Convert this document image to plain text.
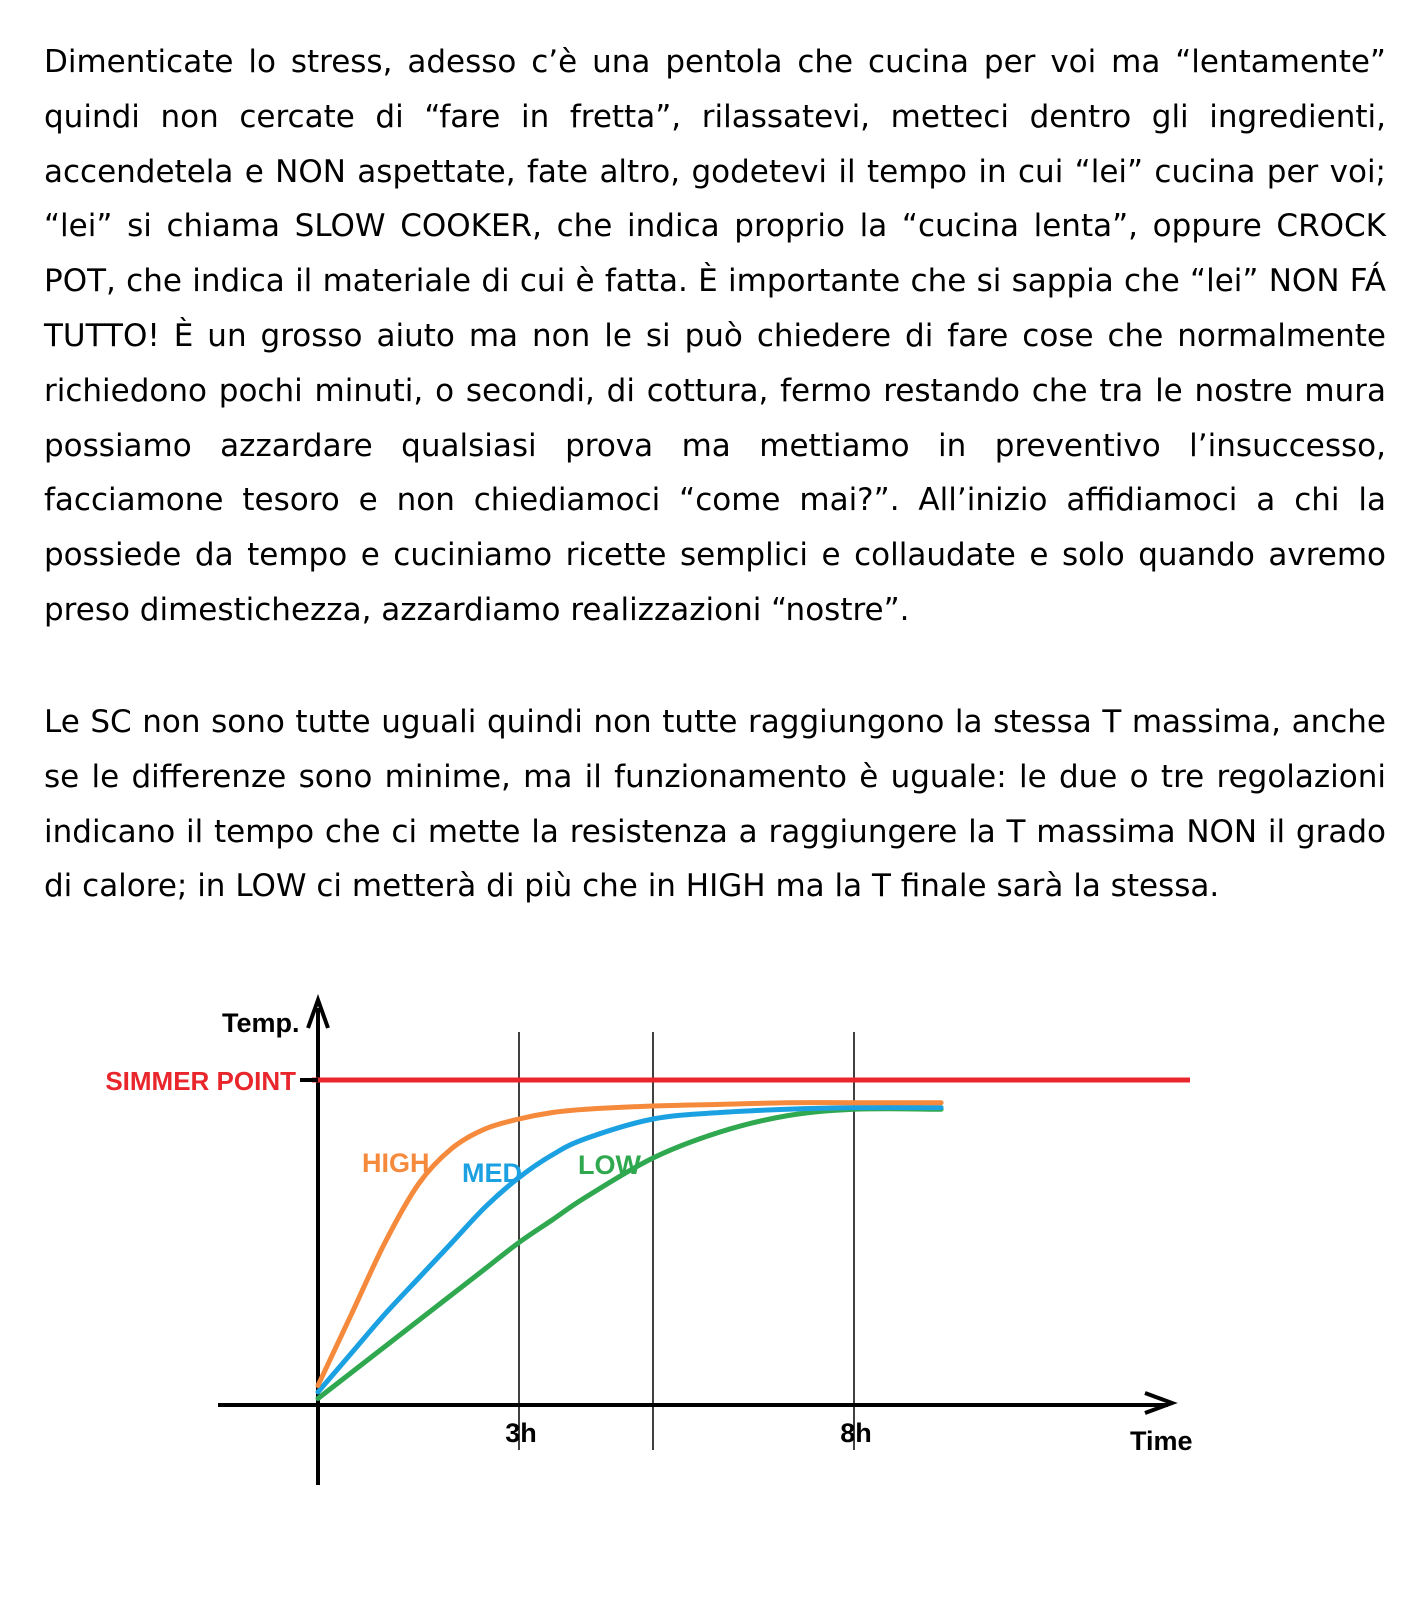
Dimenticate lo stress, adesso c’è una pentola che cucina per voi ma “lentamente” quindi non cercate di “fare in fretta”, rilassatevi, metteci dentro gli ingredienti, accendetela e NON aspettate, fate altro, godetevi il tempo in cui “lei” cucina per voi; “lei” si chiama SLOW COOKER, che indica proprio la “cucina lenta”, oppure CROCK POT, che indica il materiale di cui è fatta. È importante che si sappia che “lei” NON FÁ TUTTO! È un grosso aiuto ma non le si può chiedere di fare cose che normalmente richiedono pochi minuti, o secondi, di cottura, fermo restando che tra le nostre mura possiamo azzardare qualsiasi prova ma mettiamo in preventivo l’insuccesso, facciamone tesoro e non chiediamoci “come mai?”. All’inizio affidiamoci a chi la possiede da tempo e cuciniamo ricette semplici e collaudate e solo quando avremo preso dimestichezza, azzardiamo realizzazioni “nostre”.

Le SC non sono tutte uguali quindi non tutte raggiungono la stessa T massima, anche se le differenze sono minime, ma il funzionamento è uguale: le due o tre regolazioni indicano il tempo che ci mette la resistenza a raggiungere la T massima NON il grado di calore; in LOW ci metterà di più che in HIGH ma la T finale sarà la stessa.

Temp.
Time
SIMMER POINT
HIGH MED LOW
3h	8h
